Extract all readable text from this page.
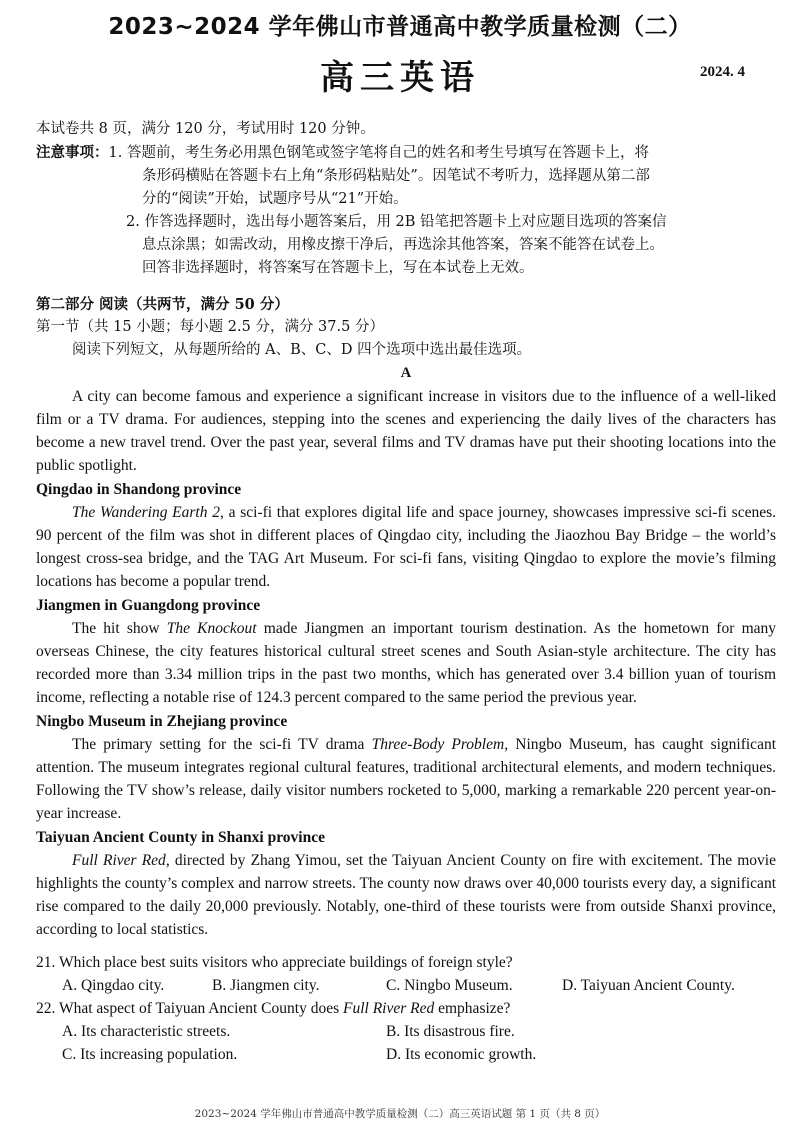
2023~2024 学年佛山市普通高中教学质量检测（二）
高三英语	2024. 4
本试卷共 8 页，满分 120 分，考试用时 120 分钟。
注意事项：1. 答题前，考生务必用黑色钢笔或签字笔将自己的姓名和考生号填写在答题卡上，将
条形码横贴在答题卡右上角“条形码粘贴处”。因笔试不考听力，选择题从第二部
分的“阅读”开始，试题序号从“21”开始。
2. 作答选择题时，选出每小题答案后，用 2B 铅笔把答题卡上对应题目选项的答案信
息点涂黑；如需改动，用橡皮擦干净后，再选涂其他答案，答案不能答在试卷上。
回答非选择题时，将答案写在答题卡上，写在本试卷上无效。
第二部分 阅读（共两节，满分 50 分）
第一节（共 15 小题；每小题 2.5 分，满分 37.5 分）
阅读下列短文，从每题所给的 A、B、C、D 四个选项中选出最佳选项。
A

A city can become famous and experience a significant increase in visitors due to the influence of a well-liked film or a TV drama. For audiences, stepping into the scenes and experiencing the daily lives of the characters has become a new travel trend. Over the past year, several films and TV dramas have put their shooting locations into the public spotlight.

Qingdao in Shandong province

The Wandering Earth 2, a sci-fi that explores digital life and space journey, showcases impressive sci-fi scenes. 90 percent of the film was shot in different places of Qingdao city, including the Jiaozhou Bay Bridge – the world’s longest cross-sea bridge, and the TAG Art Museum. For sci-fi fans, visiting Qingdao to explore the movie’s filming locations has become a popular trend.

Jiangmen in Guangdong province

The hit show The Knockout made Jiangmen an important tourism destination. As the hometown for many overseas Chinese, the city features historical cultural street scenes and South Asian-style architecture. The city has recorded more than 3.34 million trips in the past two months, which has generated over 3.4 billion yuan of tourism income, reflecting a notable rise of 124.3 percent compared to the same period the previous year.

Ningbo Museum in Zhejiang province

The primary setting for the sci-fi TV drama Three-Body Problem, Ningbo Museum, has caught significant attention. The museum integrates regional cultural features, traditional architectural elements, and modern techniques. Following the TV show’s release, daily visitor numbers rocketed to 5,000, marking a remarkable 220 percent year-on-year increase.

Taiyuan Ancient County in Shanxi province

Full River Red, directed by Zhang Yimou, set the Taiyuan Ancient County on fire with excitement. The movie highlights the county’s complex and narrow streets. The county now draws over 40,000 tourists every day, a significant rise compared to the daily 20,000 previously. Notably, one-third of these tourists were from outside Shanxi province, according to local statistics.

21. Which place best suits visitors who appreciate buildings of foreign style?
A. Qingdao city.	B. Jiangmen city.	C. Ningbo Museum.	D. Taiyuan Ancient County.
22. What aspect of Taiyuan Ancient County does Full River Red emphasize?
A. Its characteristic streets.	B. Its disastrous fire.
C. Its increasing population.	D. Its economic growth.
2023~2024 学年佛山市普通高中教学质量检测（二）高三英语试题 第 1 页（共 8 页）
